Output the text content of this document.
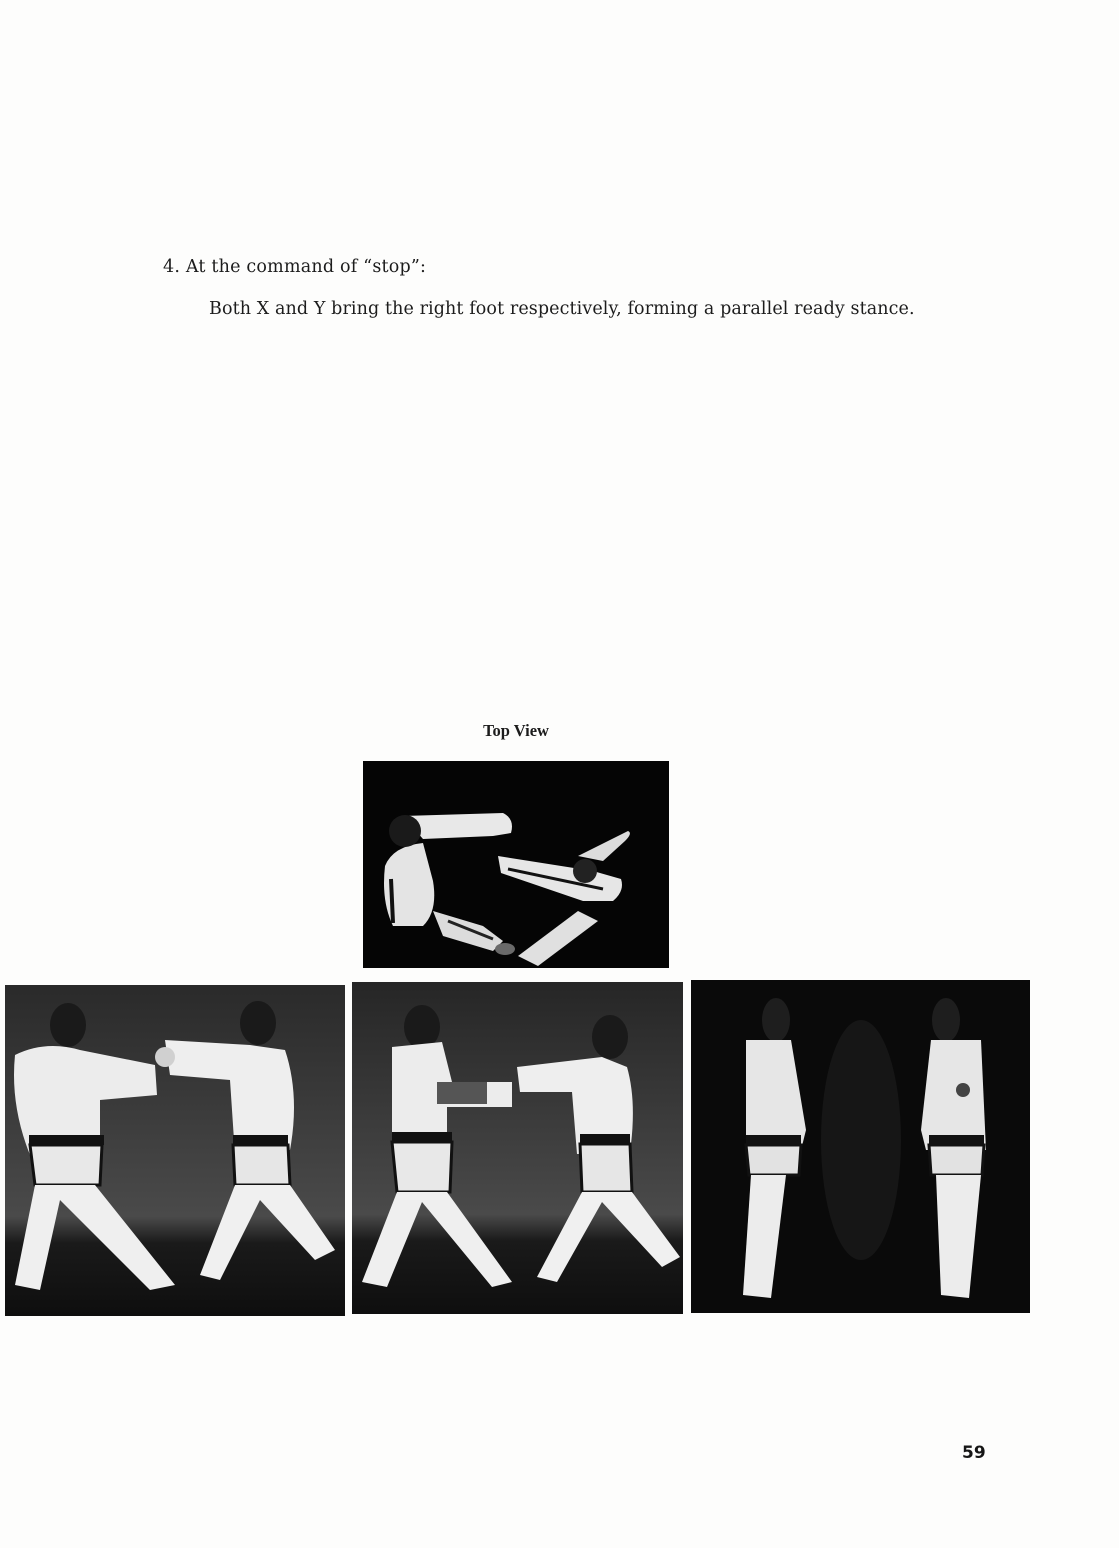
4. At the command of “stop”:
Both X and Y bring the right foot respectively, forming a parallel ready stance.
Top View
59
